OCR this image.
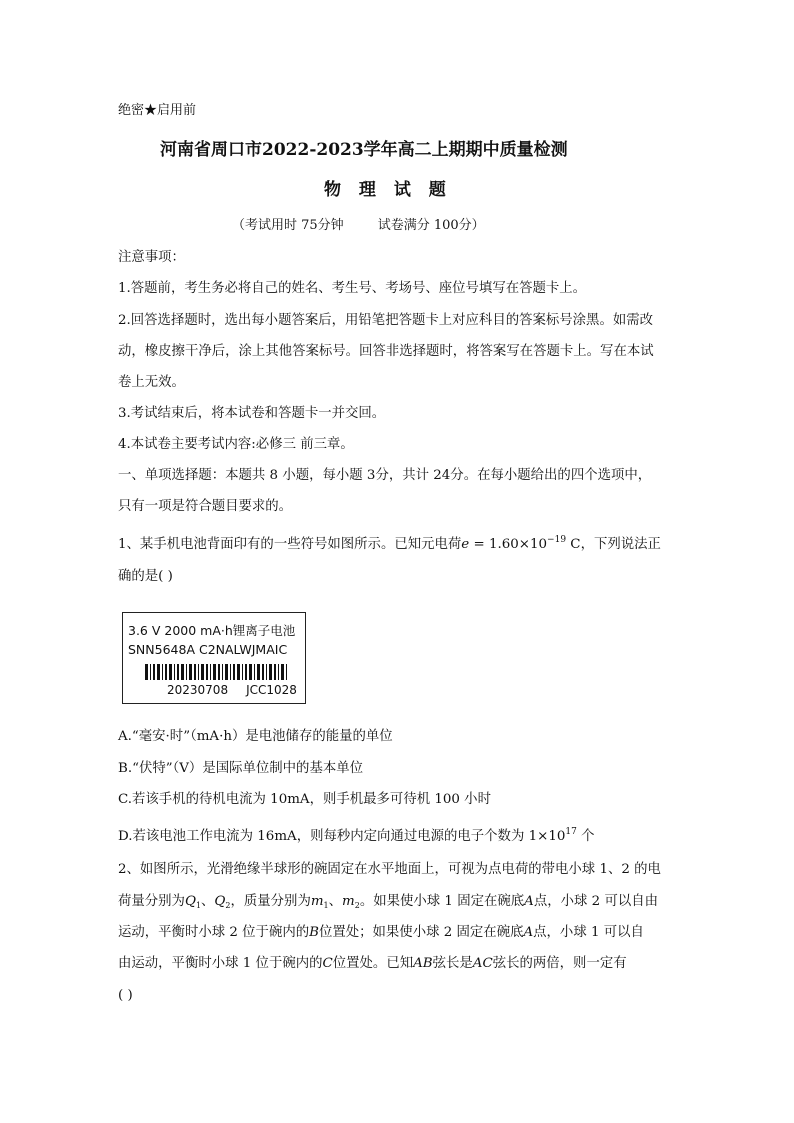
绝密★启用前
河南省周口市2022-2023学年高二上期期中质量检测
物 理 试 题
（考试用时 75分钟	试卷满分 100分）
注意事项：
1.答题前，考生务必将自己的姓名、考生号、考场号、座位号填写在答题卡上。
2.回答选择题时，选出每小题答案后，用铅笔把答题卡上对应科目的答案标号涂黑。如需改
动，橡皮擦干净后，涂上其他答案标号。回答非选择题时，将答案写在答题卡上。写在本试
卷上无效。
3.考试结束后，将本试卷和答题卡一并交回。
4.本试卷主要考试内容:必修三 前三章。
一、单项选择题：本题共 8 小题，每小题 3分，共计 24分。在每小题给出的四个选项中，
只有一项是符合题目要求的。
1、某手机电池背面印有的一些符号如图所示。已知元电荷$e = 1.60\times 10^{-19}$ C，下列说法正
确的是( )
3.6 V 2000 mA·h锂离子电池
SNN5648A C2NALWJMAIC
20230708 JCC1028
A.“毫安·时”（mA·h）是电池储存的能量的单位
B.“伏特”（V）是国际单位制中的基本单位
C.若该手机的待机电流为 10mA，则手机最多可待机 100 小时
D.若该电池工作电流为 16mA，则每秒内定向通过电源的电子个数为 $1\times 10^{17}$ 个
2、如图所示，光滑绝缘半球形的碗固定在水平地面上，可视为点电荷的带电小球 1、2 的电
荷量分别为$Q_1$、$Q_2$，质量分别为$m_1$、$m_2$。如果使小球 1 固定在碗底A点，小球 2 可以自由
运动，平衡时小球 2 位于碗内的B位置处；如果使小球 2 固定在碗底A点，小球 1 可以自
由运动，平衡时小球 1 位于碗内的C位置处。已知AB弦长是AC弦长的两倍，则一定有
( )
